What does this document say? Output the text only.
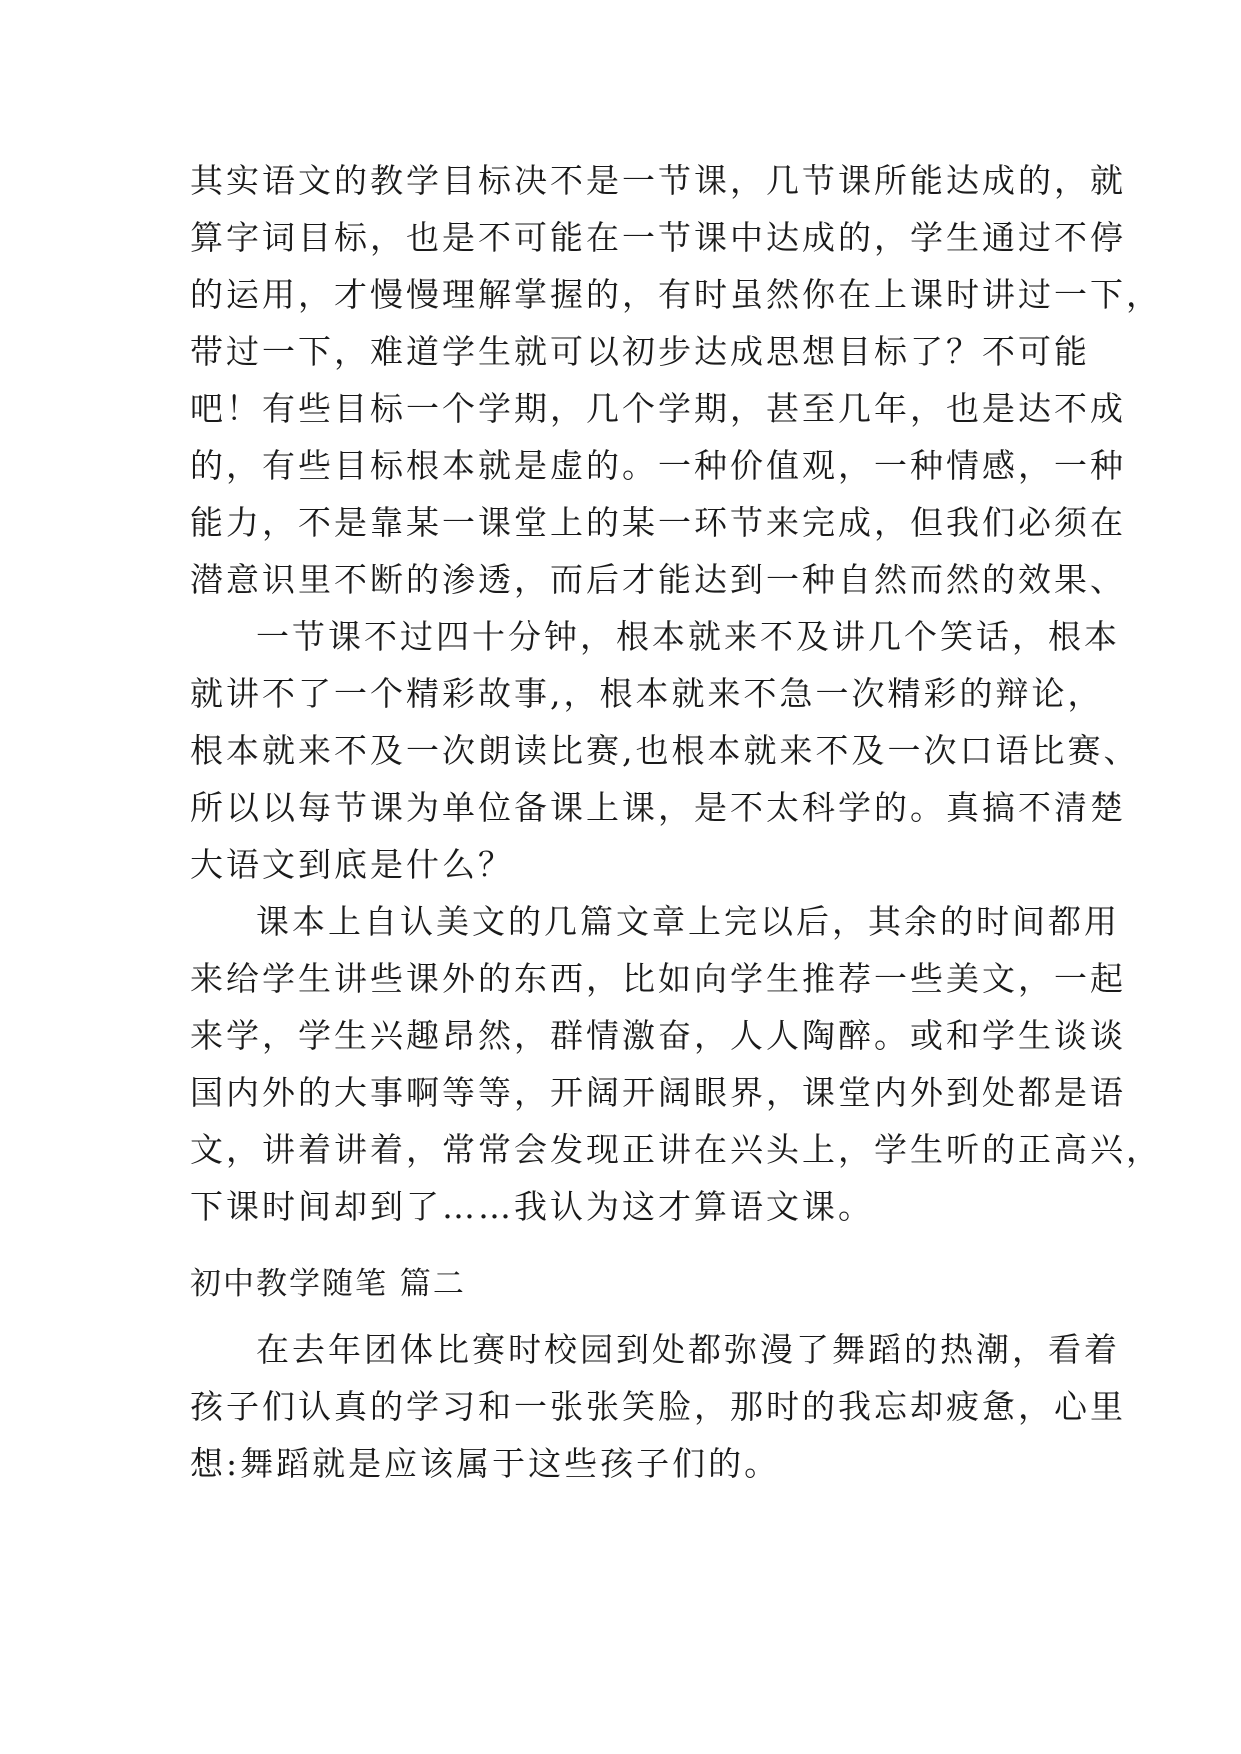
其实语文的教学目标决不是一节课，几节课所能达成的，就
算字词目标，也是不可能在一节课中达成的，学生通过不停
的运用，才慢慢理解掌握的，有时虽然你在上课时讲过一下，
带过一下，难道学生就可以初步达成思想目标了？不可能
吧！有些目标一个学期，几个学期，甚至几年，也是达不成
的，有些目标根本就是虚的。一种价值观，一种情感，一种
能力，不是靠某一课堂上的某一环节来完成，但我们必须在
潜意识里不断的渗透，而后才能达到一种自然而然的效果、
一节课不过四十分钟，根本就来不及讲几个笑话，根本
就讲不了一个精彩故事,，根本就来不急一次精彩的辩论，
根本就来不及一次朗读比赛,也根本就来不及一次口语比赛、
所以以每节课为单位备课上课，是不太科学的。真搞不清楚
大语文到底是什么？
课本上自认美文的几篇文章上完以后，其余的时间都用
来给学生讲些课外的东西，比如向学生推荐一些美文，一起
来学，学生兴趣昂然，群情激奋，人人陶醉。或和学生谈谈
国内外的大事啊等等，开阔开阔眼界，课堂内外到处都是语
文，讲着讲着，常常会发现正讲在兴头上，学生听的正高兴，
下课时间却到了……我认为这才算语文课。
初中教学随笔 篇二
在去年团体比赛时校园到处都弥漫了舞蹈的热潮，看着
孩子们认真的学习和一张张笑脸，那时的我忘却疲惫，心里
想:舞蹈就是应该属于这些孩子们的。
